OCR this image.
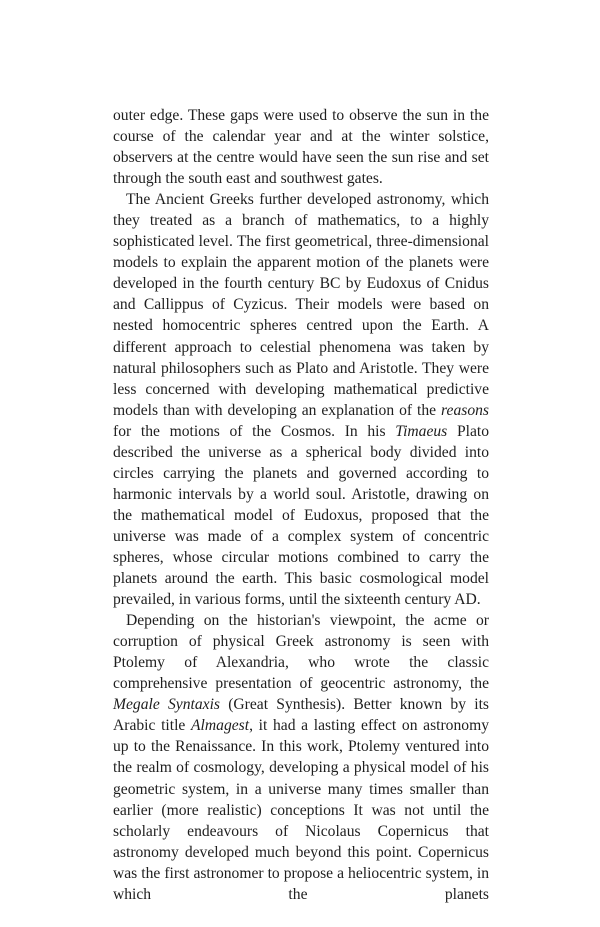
outer edge. These gaps were used to observe the sun in the course of the calendar year and at the winter solstice, observers at the centre would have seen the sun rise and set through the south east and southwest gates.

The Ancient Greeks further developed astronomy, which they treated as a branch of mathematics, to a highly sophisticated level. The first geometrical, three-dimensional models to explain the apparent motion of the planets were developed in the fourth century BC by Eudoxus of Cnidus and Callippus of Cyzicus. Their models were based on nested homocentric spheres centred upon the Earth. A different approach to celestial phenomena was taken by natural philosophers such as Plato and Aristotle. They were less concerned with developing mathematical predictive models than with developing an explanation of the reasons for the motions of the Cosmos. In his Timaeus Plato described the universe as a spherical body divided into circles carrying the planets and governed according to harmonic intervals by a world soul. Aristotle, drawing on the mathematical model of Eudoxus, proposed that the universe was made of a complex system of concentric spheres, whose circular motions combined to carry the planets around the earth. This basic cosmological model prevailed, in various forms, until the sixteenth century AD.

Depending on the historian's viewpoint, the acme or corruption of physical Greek astronomy is seen with Ptolemy of Alexandria, who wrote the classic comprehensive presentation of geocentric astronomy, the Megale Syntaxis (Great Synthesis). Better known by its Arabic title Almagest, it had a lasting effect on astronomy up to the Renaissance. In this work, Ptolemy ventured into the realm of cosmology, developing a physical model of his geometric system, in a universe many times smaller than earlier (more realistic) conceptions It was not until the scholarly endeavours of Nicolaus Copernicus that astronomy developed much beyond this point. Copernicus was the first astronomer to propose a heliocentric system, in which the planets
